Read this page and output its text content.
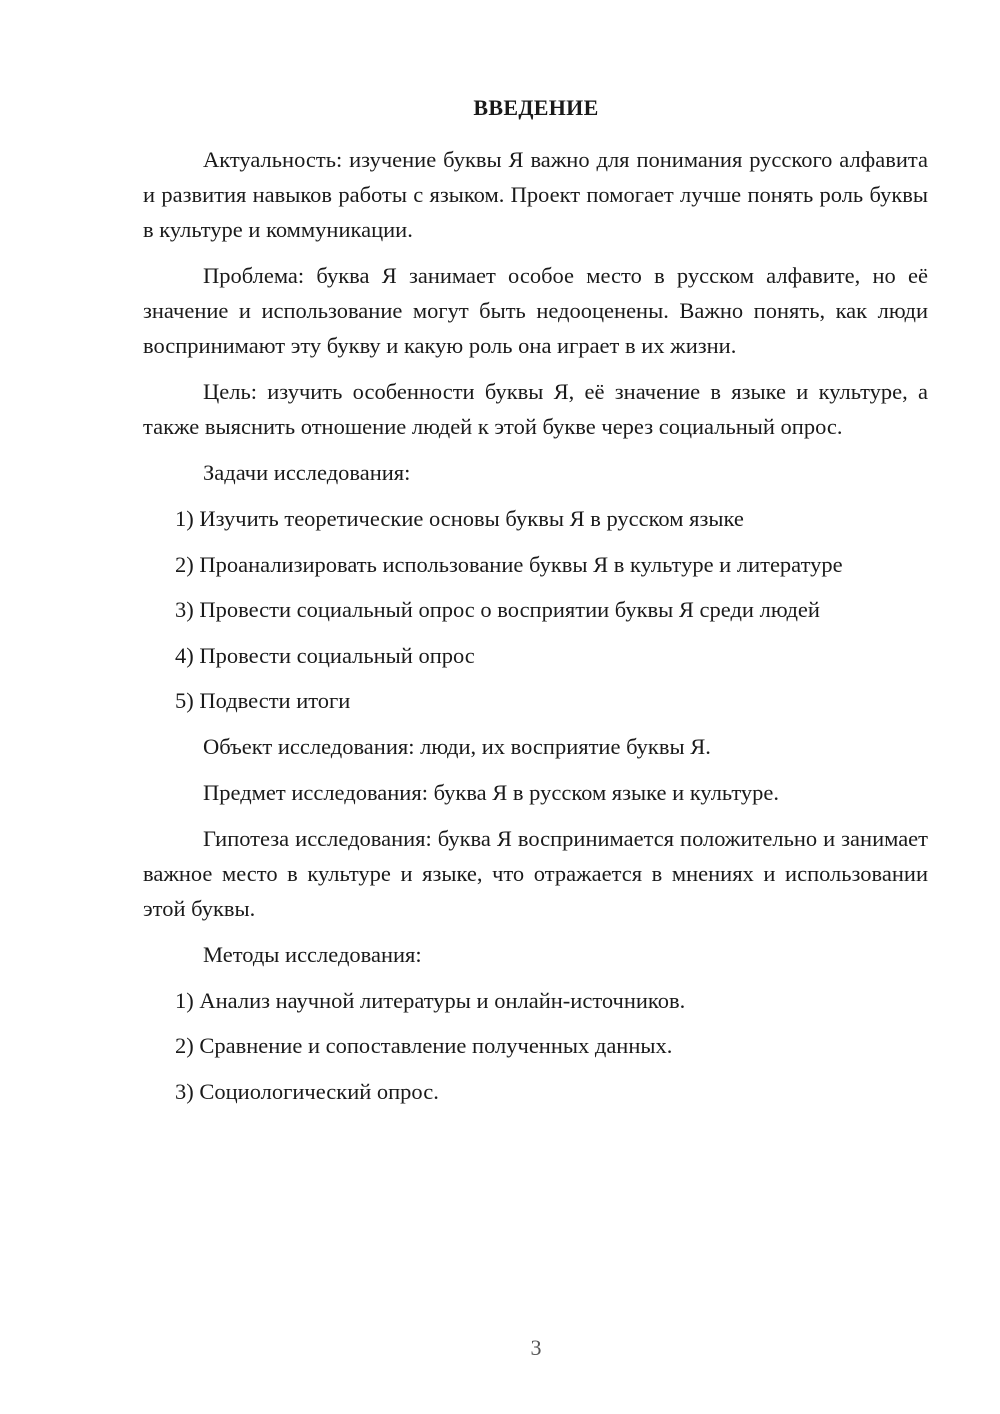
ВВЕДЕНИЕ
Актуальность: изучение буквы Я важно для понимания русского алфавита и развития навыков работы с языком. Проект помогает лучше понять роль буквы в культуре и коммуникации.
Проблема: буква Я занимает особое место в русском алфавите, но её значение и использование могут быть недооценены. Важно понять, как люди воспринимают эту букву и какую роль она играет в их жизни.
Цель: изучить особенности буквы Я, её значение в языке и культуре, а также выяснить отношение людей к этой букве через социальный опрос.
Задачи исследования:
1) Изучить теоретические основы буквы Я в русском языке
2) Проанализировать использование буквы Я в культуре и литературе
3) Провести социальный опрос о восприятии буквы Я среди людей
4) Провести социальный опрос
5) Подвести итоги
Объект исследования: люди, их восприятие буквы Я.
Предмет исследования: буква Я в русском языке и культуре.
Гипотеза исследования: буква Я воспринимается положительно и занимает важное место в культуре и языке, что отражается в мнениях и использовании этой буквы.
Методы исследования:
1) Анализ научной литературы и онлайн-источников.
2) Сравнение и сопоставление полученных данных.
3) Социологический опрос.
3
